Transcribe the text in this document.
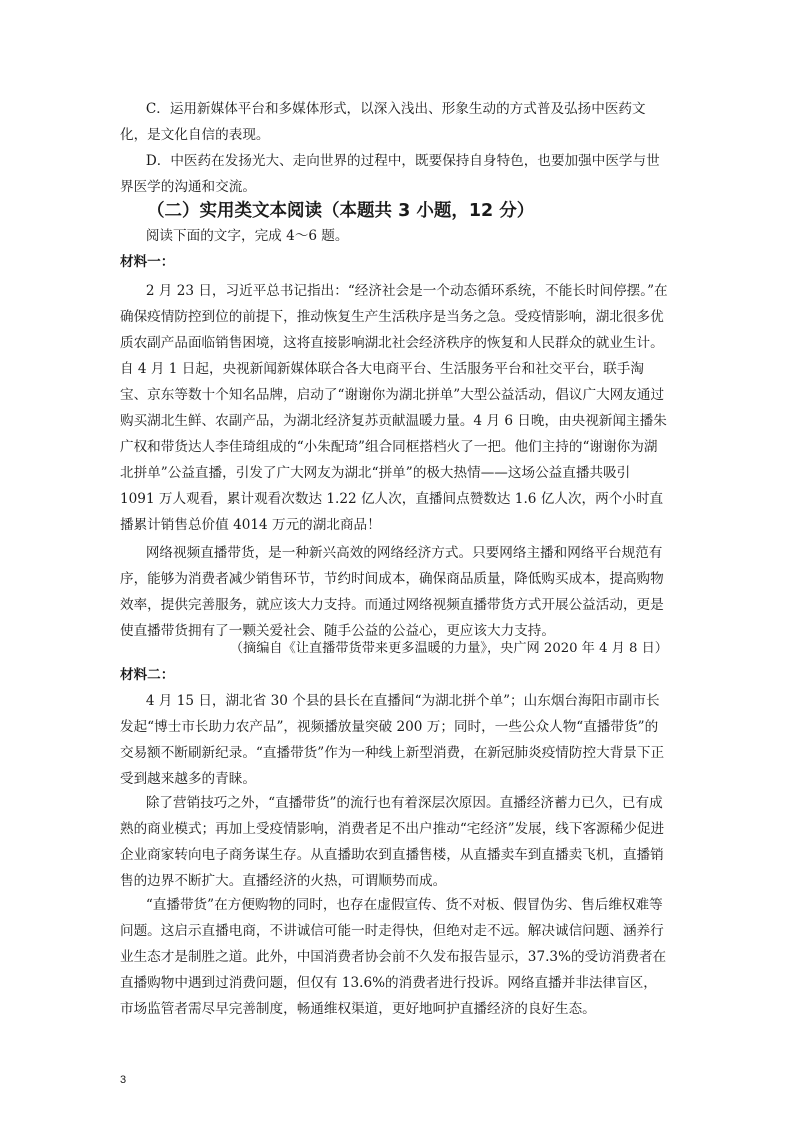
C．运用新媒体平台和多媒体形式，以深入浅出、形象生动的方式普及弘扬中医药文化，是文化自信的表现。

D．中医药在发扬光大、走向世界的过程中，既要保持自身特色，也要加强中医学与世界医学的沟通和交流。

（二）实用类文本阅读（本题共 3 小题，12 分）

阅读下面的文字，完成 4～6 题。

材料一：

2 月 23 日，习近平总书记指出：“经济社会是一个动态循环系统，不能长时间停摆。”在确保疫情防控到位的前提下，推动恢复生产生活秩序是当务之急。受疫情影响，湖北很多优质农副产品面临销售困境，这将直接影响湖北社会经济秩序的恢复和人民群众的就业生计。自 4 月 1 日起，央视新闻新媒体联合各大电商平台、生活服务平台和社交平台，联手淘宝、京东等数十个知名品牌，启动了“谢谢你为湖北拼单”大型公益活动，倡议广大网友通过购买湖北生鲜、农副产品，为湖北经济复苏贡献温暖力量。4 月 6 日晚，由央视新闻主播朱广权和带货达人李佳琦组成的“小朱配琦”组合同框搭档火了一把。他们主持的“谢谢你为湖北拼单”公益直播，引发了广大网友为湖北“拼单”的极大热情——这场公益直播共吸引 1091 万人观看，累计观看次数达 1.22 亿人次，直播间点赞数达 1.6 亿人次，两个小时直播累计销售总价值 4014 万元的湖北商品！

网络视频直播带货，是一种新兴高效的网络经济方式。只要网络主播和网络平台规范有序，能够为消费者减少销售环节，节约时间成本，确保商品质量，降低购买成本，提高购物效率，提供完善服务，就应该大力支持。而通过网络视频直播带货方式开展公益活动，更是使直播带货拥有了一颗关爱社会、随手公益的公益心，更应该大力支持。

（摘编自《让直播带货带来更多温暖的力量》，央广网 2020 年 4 月 8 日）
材料二：

4 月 15 日，湖北省 30 个县的县长在直播间“为湖北拼个单”；山东烟台海阳市副市长发起“博士市长助力农产品”，视频播放量突破 200 万；同时，一些公众人物“直播带货”的交易额不断刷新纪录。“直播带货”作为一种线上新型消费，在新冠肺炎疫情防控大背景下正受到越来越多的青睐。

除了营销技巧之外，“直播带货”的流行也有着深层次原因。直播经济蓄力已久，已有成熟的商业模式；再加上受疫情影响，消费者足不出户推动“宅经济”发展，线下客源稀少促进企业商家转向电子商务谋生存。从直播助农到直播售楼，从直播卖车到直播卖飞机，直播销售的边界不断扩大。直播经济的火热，可谓顺势而成。

“直播带货”在方便购物的同时，也存在虚假宣传、货不对板、假冒伪劣、售后维权难等问题。这启示直播电商，不讲诚信可能一时走得快，但绝对走不远。解决诚信问题、涵养行业生态才是制胜之道。此外，中国消费者协会前不久发布报告显示，37.3%的受访消费者在直播购物中遇到过消费问题，但仅有 13.6%的消费者进行投诉。网络直播并非法律盲区，市场监管者需尽早完善制度，畅通维权渠道，更好地呵护直播经济的良好生态。

3
